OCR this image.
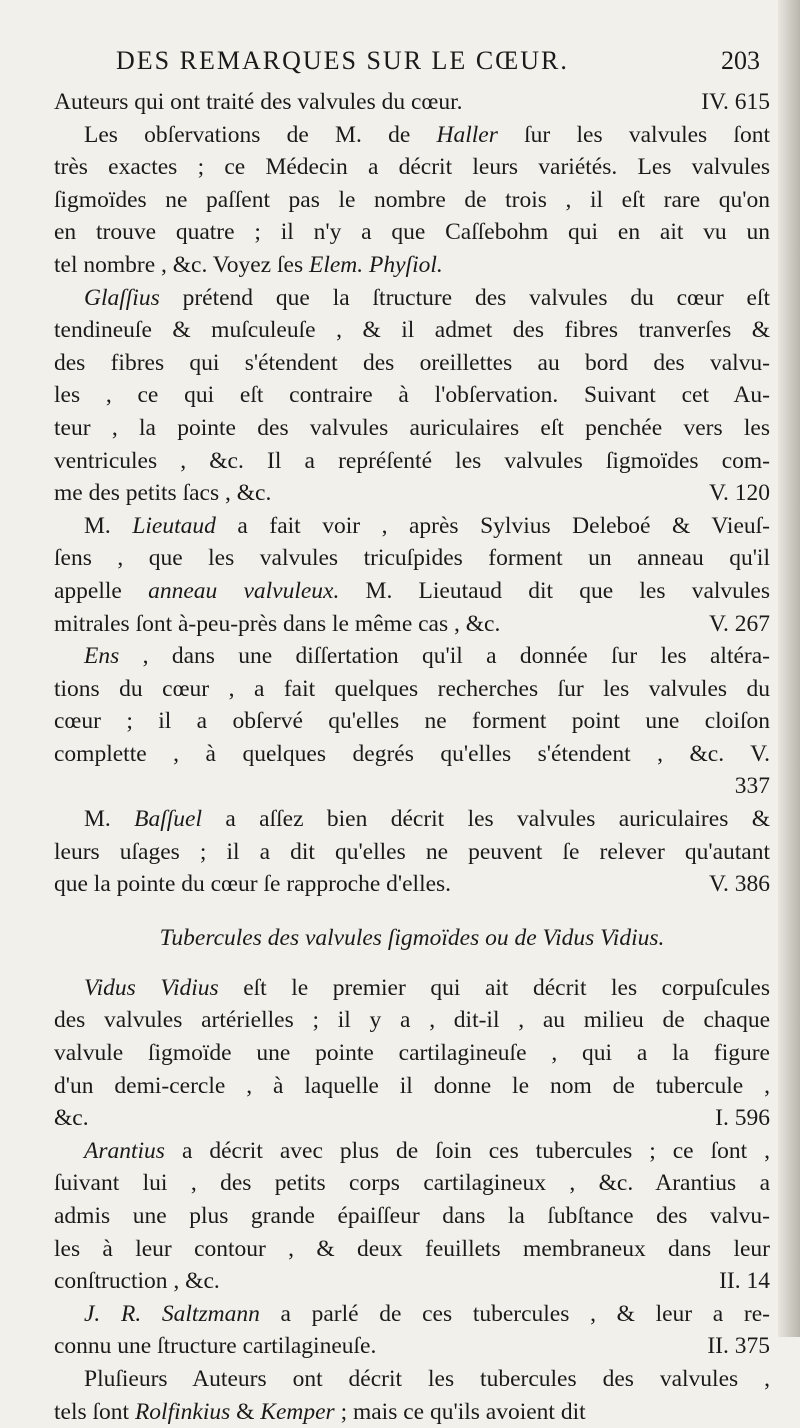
DES REMARQUES SUR LE CŒUR.	203
IV. 615
Auteurs qui ont traité des valvules du cœur.
Les obſervations de M. de Haller ſur les valvules ſont
très exactes ; ce Médecin a décrit leurs variétés. Les valvules
ſigmoïdes ne paſſent pas le nombre de trois , il eſt rare qu'on
en trouve quatre ; il n'y a que Caſſebohm qui en ait vu un
tel nombre , &c. Voyez ſes Elem. Phyſiol.
Glaſſius prétend que la ſtructure des valvules du cœur eſt
tendineuſe & muſculeuſe , & il admet des fibres tranverſes &
des fibres qui s'étendent des oreillettes au bord des valvu-
les , ce qui eſt contraire à l'obſervation. Suivant cet Au-
teur , la pointe des valvules auriculaires eſt penchée vers les
ventricules , &c. Il a repréſenté les valvules ſigmoïdes com-
V. 120
me des petits ſacs , &c.
M. Lieutaud a fait voir , après Sylvius Deleboé & Vieuſ-
ſens , que les valvules tricuſpides forment un anneau qu'il
appelle anneau valvuleux. M. Lieutaud dit que les valvules
V. 267
mitrales ſont à-peu-près dans le même cas , &c.
Ens , dans une diſſertation qu'il a donnée ſur les altéra-
tions du cœur , a fait quelques recherches ſur les valvules du
cœur ; il a obſervé qu'elles ne forment point une cloiſon
complette , à quelques degrés qu'elles s'étendent , &c. V.
337
M. Baſſuel a aſſez bien décrit les valvules auriculaires &
leurs uſages ; il a dit qu'elles ne peuvent ſe relever qu'autant
V. 386
que la pointe du cœur ſe rapproche d'elles.
Tubercules des valvules ſigmoïdes ou de Vidus Vidius.
Vidus Vidius eſt le premier qui ait décrit les corpuſcules
des valvules artérielles ; il y a , dit-il , au milieu de chaque
valvule ſigmoïde une pointe cartilagineuſe , qui a la figure
d'un demi-cercle , à laquelle il donne le nom de tubercule ,
I. 596
&c.
Arantius a décrit avec plus de ſoin ces tubercules ; ce ſont ,
ſuivant lui , des petits corps cartilagineux , &c. Arantius a
admis une plus grande épaiſſeur dans la ſubſtance des valvu-
les à leur contour , & deux feuillets membraneux dans leur
II. 14
conſtruction , &c.
J. R. Saltzmann a parlé de ces tubercules , & leur a re-
II. 375
connu une ſtructure cartilagineuſe.
Pluſieurs Auteurs ont décrit les tubercules des valvules ,
tels ſont Rolfinkius & Kemper ; mais ce qu'ils avoient dit
